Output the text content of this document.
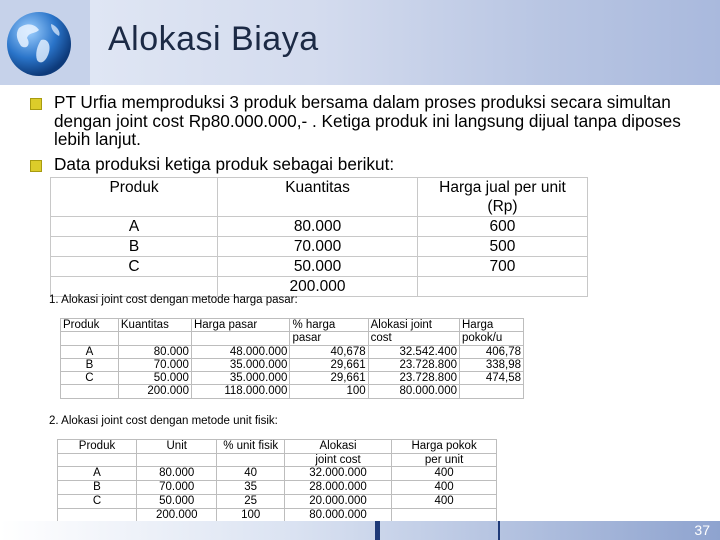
Alokasi Biaya
PT Urfia memproduksi 3 produk bersama dalam proses produksi secara simultan dengan joint cost Rp80.000.000,- . Ketiga produk ini langsung dijual tanpa diposes lebih lanjut.
Data produksi ketiga produk sebagai berikut:
Produk	Kuantitas	Harga jual per unit
		(Rp)
A	80.000	600
B	70.000	500
C	50.000	700
	200.000	
1. Alokasi joint cost dengan metode harga pasar:
Produk	Kuantitas	Harga pasar	% harga	Alokasi joint	Harga
			pasar	cost	pokok/u
A	80.000	48.000.000	40,678	32.542.400	406,78
B	70.000	35.000.000	29,661	23.728.800	338,98
C	50.000	35.000.000	29,661	23.728.800	474,58
	200.000	118.000.000	100	80.000.000	
2. Alokasi joint cost dengan metode unit fisik:
Produk	Unit	% unit fisik	Alokasi	Harga pokok
			joint cost	per unit
A	80.000	40	32.000.000	400
B	70.000	35	28.000.000	400
C	50.000	25	20.000.000	400
	200.000	100	80.000.000	
37
